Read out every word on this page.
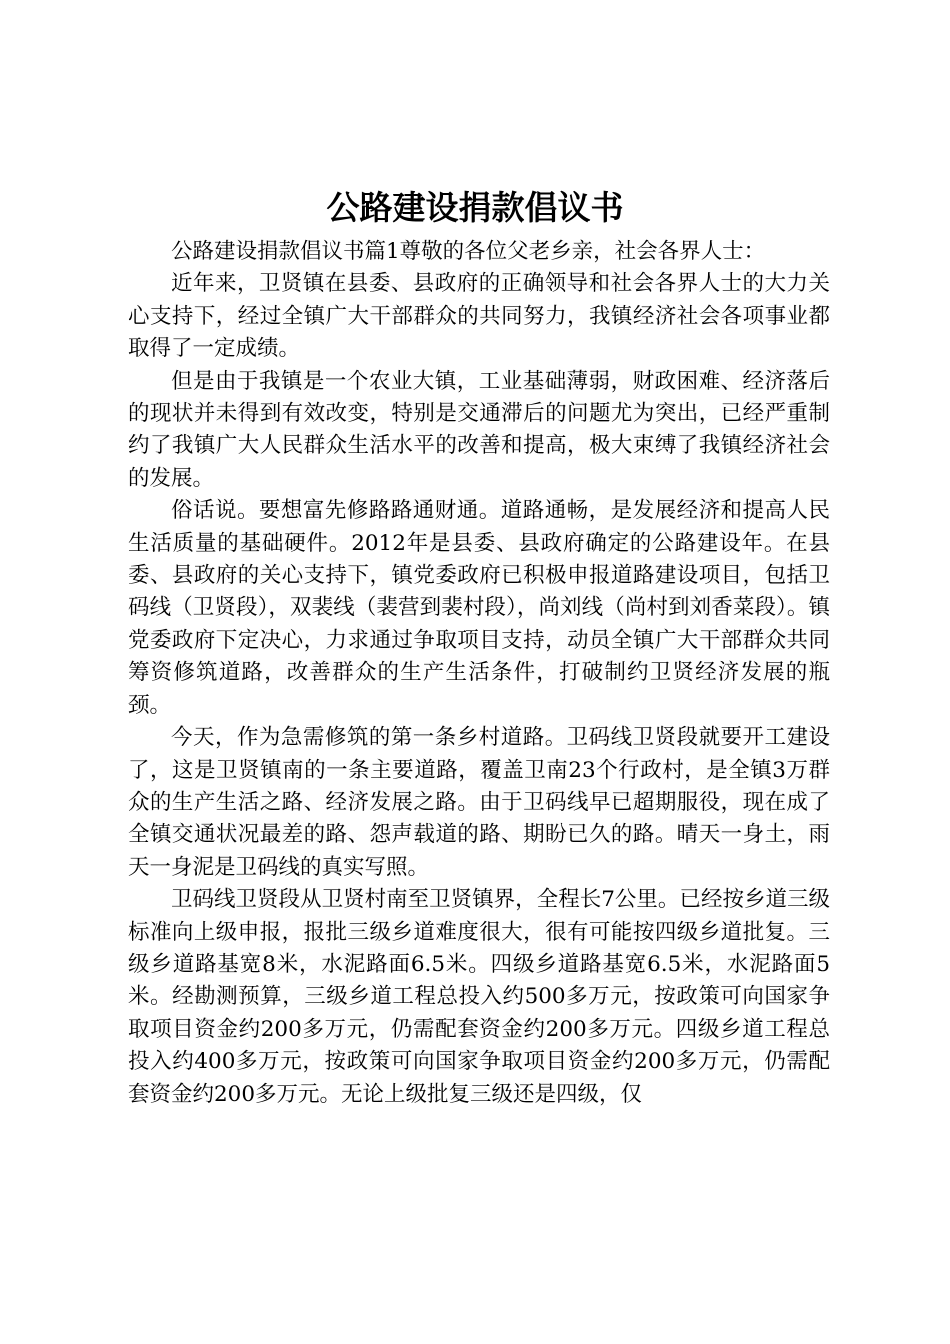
公路建设捐款倡议书

公路建设捐款倡议书篇1尊敬的各位父老乡亲，社会各界人士：

近年来，卫贤镇在县委、县政府的正确领导和社会各界人士的大力关心支持下，经过全镇广大干部群众的共同努力，我镇经济社会各项事业都取得了一定成绩。

但是由于我镇是一个农业大镇，工业基础薄弱，财政困难、经济落后的现状并未得到有效改变，特别是交通滞后的问题尤为突出，已经严重制约了我镇广大人民群众生活水平的改善和提高，极大束缚了我镇经济社会的发展。

俗话说。要想富先修路路通财通。道路通畅，是发展经济和提高人民生活质量的基础硬件。2012年是县委、县政府确定的公路建设年。在县委、县政府的关心支持下，镇党委政府已积极申报道路建设项目，包括卫码线（卫贤段），双裴线（裴营到裴村段），尚刘线（尚村到刘香菜段）。镇党委政府下定决心，力求通过争取项目支持，动员全镇广大干部群众共同筹资修筑道路，改善群众的生产生活条件，打破制约卫贤经济发展的瓶颈。

今天，作为急需修筑的第一条乡村道路。卫码线卫贤段就要开工建设了，这是卫贤镇南的一条主要道路，覆盖卫南23个行政村，是全镇3万群众的生产生活之路、经济发展之路。由于卫码线早已超期服役，现在成了全镇交通状况最差的路、怨声载道的路、期盼已久的路。晴天一身土，雨天一身泥是卫码线的真实写照。

卫码线卫贤段从卫贤村南至卫贤镇界，全程长7公里。已经按乡道三级标准向上级申报，报批三级乡道难度很大，很有可能按四级乡道批复。三级乡道路基宽8米，水泥路面6.5米。四级乡道路基宽6.5米，水泥路面5米。经勘测预算，三级乡道工程总投入约500多万元，按政策可向国家争取项目资金约200多万元，仍需配套资金约200多万元。四级乡道工程总投入约400多万元，按政策可向国家争取项目资金约200多万元，仍需配套资金约200多万元。无论上级批复三级还是四级，仅
